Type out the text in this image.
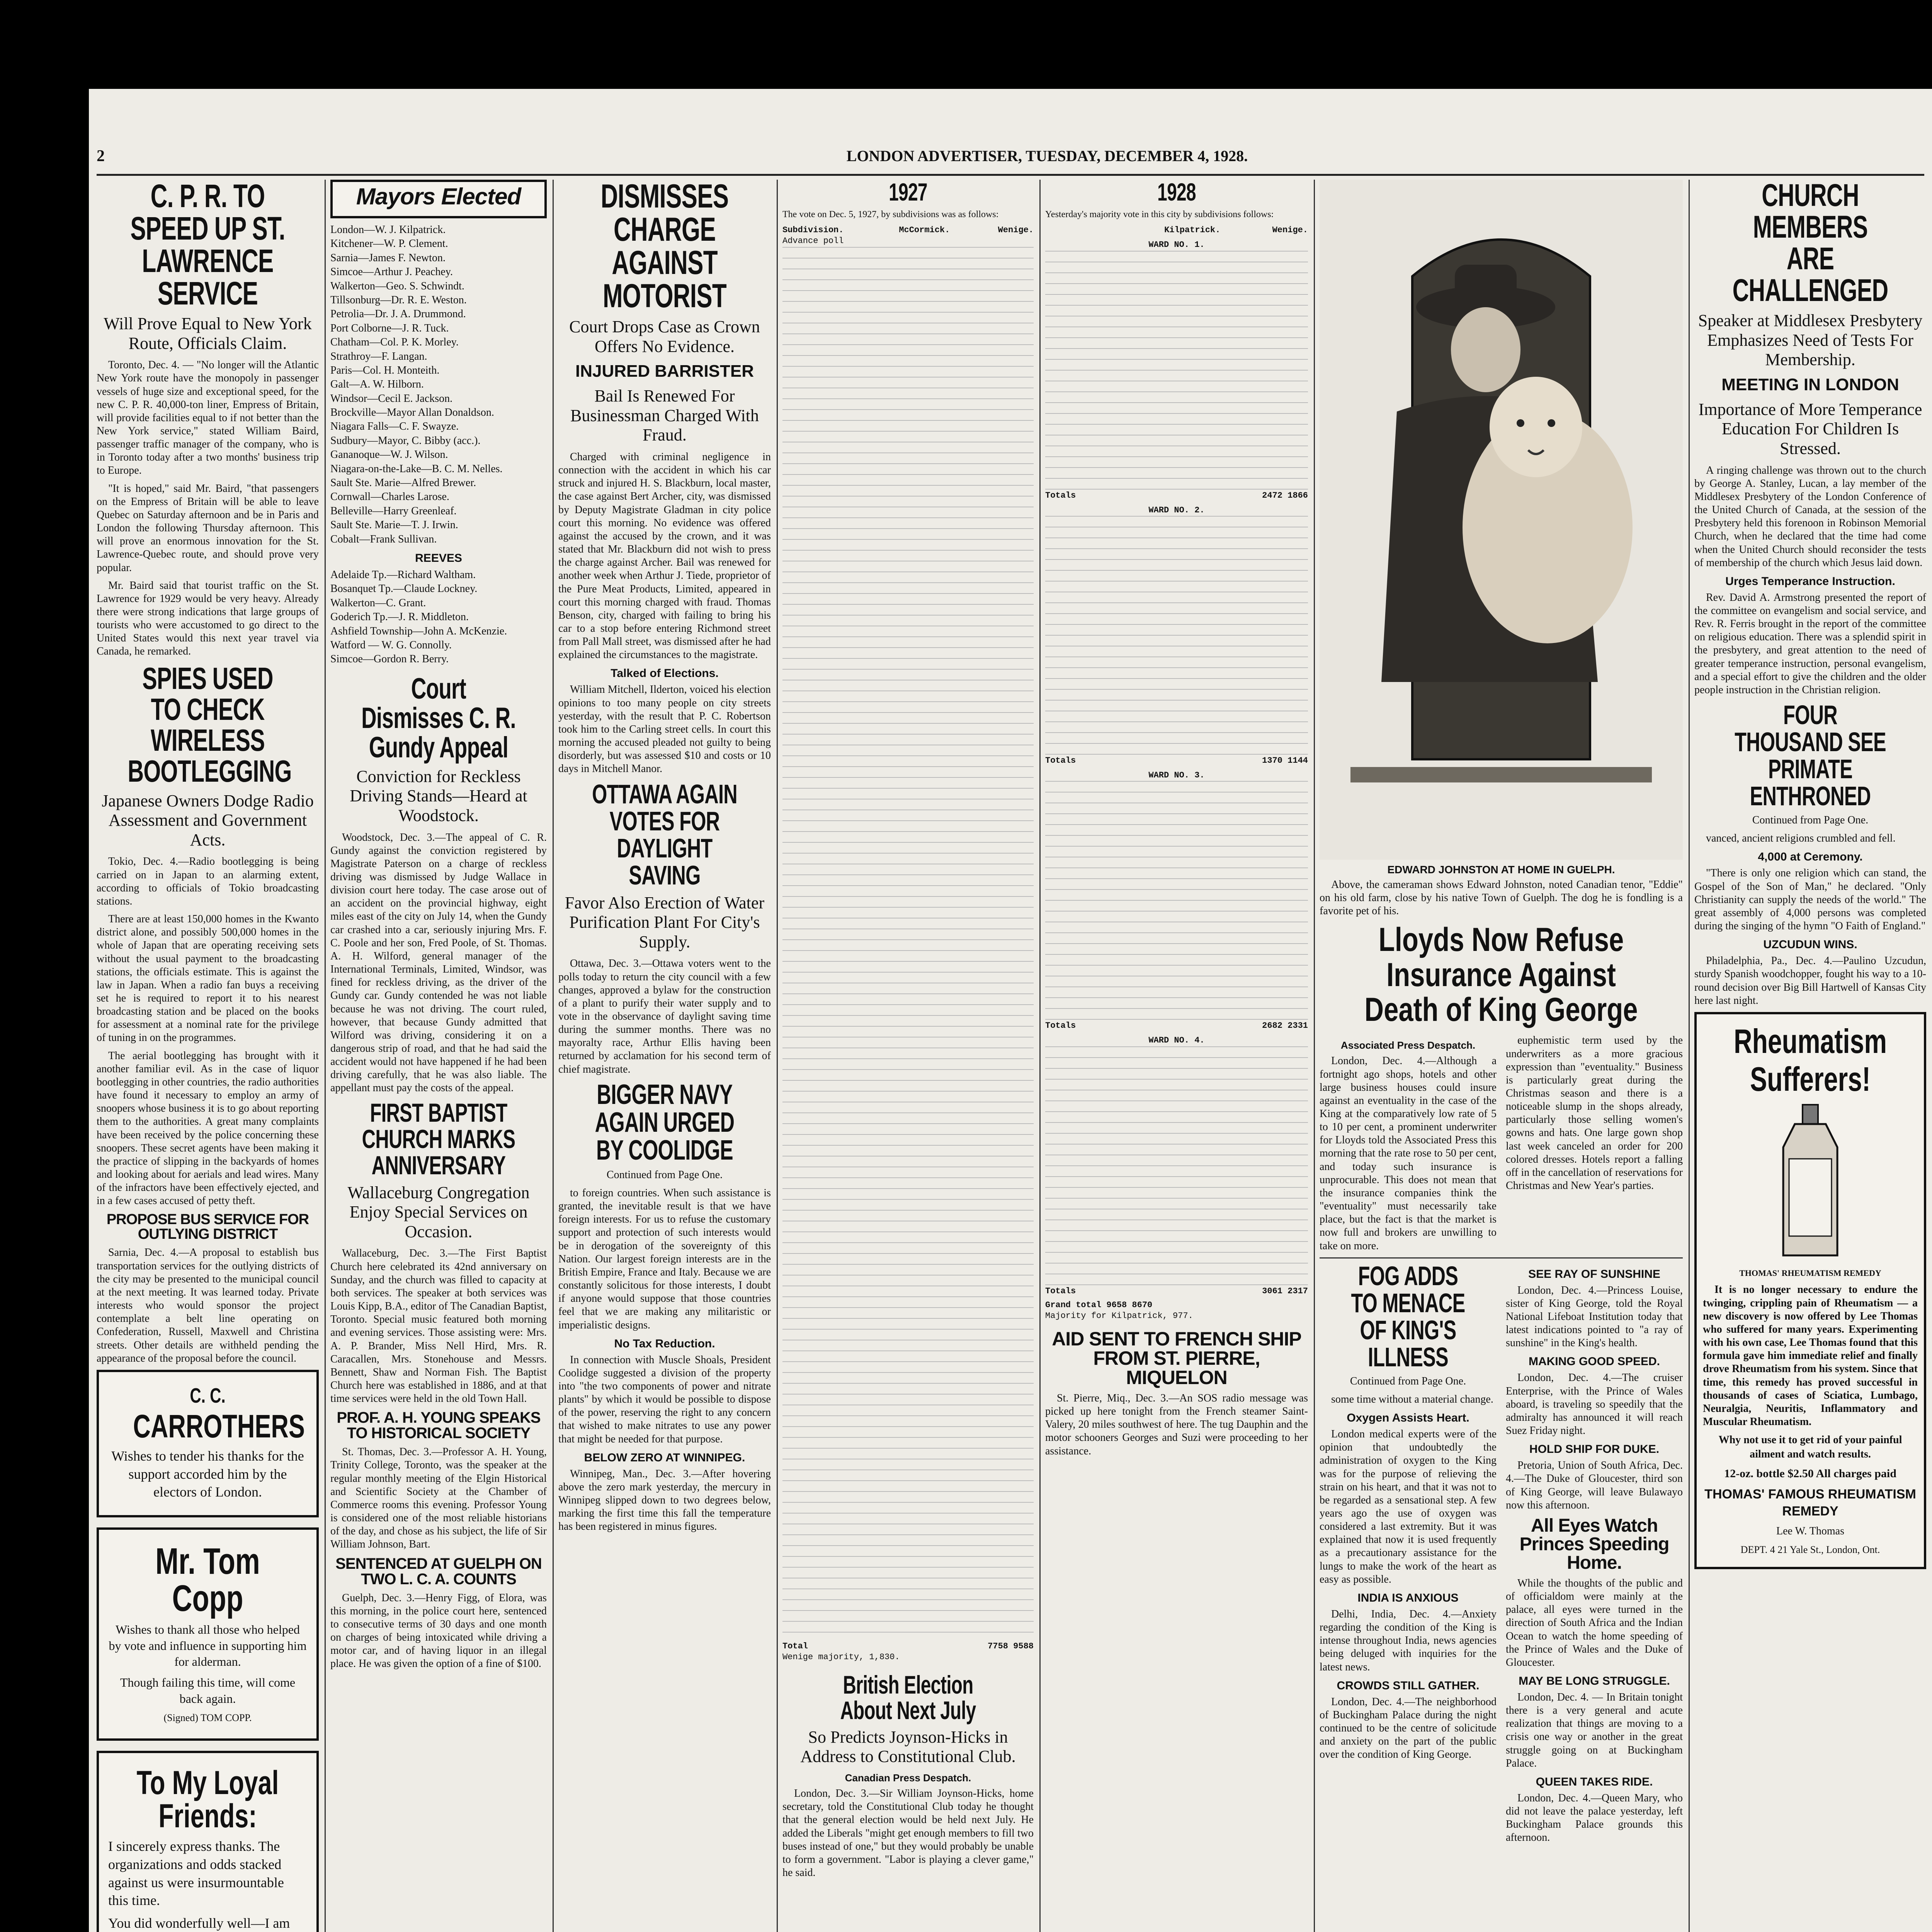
2	LONDON ADVERTISER, TUESDAY, DECEMBER 4, 1928.
C. P. R. TO SPEED UP ST. LAWRENCE SERVICE
Will Prove Equal to New York Route, Officials Claim.

Toronto, Dec. 4. — "No longer will the Atlantic New York route have the monopoly in passenger vessels of huge size and exceptional speed, for the new C. P. R. 40,000-ton liner, Empress of Britain, will provide facilities equal to if not better than the New York service," stated William Baird, passenger traffic manager of the company, who is in Toronto today after a two months' business trip to Europe.

"It is hoped," said Mr. Baird, "that passengers on the Empress of Britain will be able to leave Quebec on Saturday afternoon and be in Paris and London the following Thursday afternoon. This will prove an enormous innovation for the St. Lawrence-Quebec route, and should prove very popular.

Mr. Baird said that tourist traffic on the St. Lawrence for 1929 would be very heavy. Already there were strong indications that large groups of tourists who were accustomed to go direct to the United States would this next year travel via Canada, he remarked.

SPIES USED TO CHECK WIRELESS BOOTLEGGING
Japanese Owners Dodge Radio Assessment and Government Acts.

Tokio, Dec. 4.—Radio bootlegging is being carried on in Japan to an alarming extent, according to officials of Tokio broadcasting stations.

There are at least 150,000 homes in the Kwanto district alone, and possibly 500,000 homes in the whole of Japan that are operating receiving sets without the usual payment to the broadcasting stations, the officials estimate. This is against the law in Japan. When a radio fan buys a receiving set he is required to report it to his nearest broadcasting station and be placed on the books for assessment at a nominal rate for the privilege of tuning in on the programmes.

The aerial bootlegging has brought with it another familiar evil. As in the case of liquor bootlegging in other countries, the radio authorities have found it necessary to employ an army of snoopers whose business it is to go about reporting them to the authorities. A great many complaints have been received by the police concerning these snoopers. These secret agents have been making it the practice of slipping in the backyards of homes and looking about for aerials and lead wires. Many of the infractors have been effectively ejected, and in a few cases accused of petty theft.

PROPOSE BUS SERVICE FOR OUTLYING DISTRICT

Sarnia, Dec. 4.—A proposal to establish bus transportation services for the outlying districts of the city may be presented to the municipal council at the next meeting. It was learned today. Private interests who would sponsor the project contemplate a belt line operating on Confederation, Russell, Maxwell and Christina streets. Other details are withheld pending the appearance of the proposal before the council.

C. C.
CARROTHERS
Wishes to tender his thanks for the support accorded him by the electors of London.
Mr. Tom Copp
Wishes to thank all those who helped by vote and influence in supporting him for alderman.
Though failing this time, will come back again.
(Signed) TOM COPP.
To My Loyal Friends:
I sincerely express thanks. The organizations and odds stacked against us were insurmountable this time.
You did wonderfully well—I am
Mayors Elected
London—W. J. Kilpatrick.
Kitchener—W. P. Clement.
Sarnia—James F. Newton.
Simcoe—Arthur J. Peachey.
Walkerton—Geo. S. Schwindt.
Tillsonburg—Dr. R. E. Weston.
Petrolia—Dr. J. A. Drummond.
Port Colborne—J. R. Tuck.
Chatham—Col. P. K. Morley.
Strathroy—F. Langan.
Paris—Col. H. Monteith.
Galt—A. W. Hilborn.
Windsor—Cecil E. Jackson.
Brockville—Mayor Allan Donaldson.
Niagara Falls—C. F. Swayze.
Sudbury—Mayor, C. Bibby (acc.).
Gananoque—W. J. Wilson.
Niagara-on-the-Lake—B. C. M. Nelles.
Sault Ste. Marie—Alfred Brewer.
Cornwall—Charles Larose.
Belleville—Harry Greenleaf.
Sault Ste. Marie—T. J. Irwin.
Cobalt—Frank Sullivan.
REEVES
Adelaide Tp.—Richard Waltham.
Bosanquet Tp.—Claude Lockney.
Walkerton—C. Grant.
Goderich Tp.—J. R. Middleton.
Ashfield Township—John A. McKenzie.
Watford — W. G. Connolly.
Simcoe—Gordon R. Berry.
Court Dismisses C. R. Gundy Appeal
Conviction for Reckless Driving Stands—Heard at Woodstock.

Woodstock, Dec. 3.—The appeal of C. R. Gundy against the conviction registered by Magistrate Paterson on a charge of reckless driving was dismissed by Judge Wallace in division court here today. The case arose out of an accident on the provincial highway, eight miles east of the city on July 14, when the Gundy car crashed into a car, seriously injuring Mrs. F. C. Poole and her son, Fred Poole, of St. Thomas. A. H. Wilford, general manager of the International Terminals, Limited, Windsor, was fined for reckless driving, as the driver of the Gundy car. Gundy contended he was not liable because he was not driving. The court ruled, however, that because Gundy admitted that Wilford was driving, considering it on a dangerous strip of road, and that he had said the accident would not have happened if he had been driving carefully, that he was also liable. The appellant must pay the costs of the appeal.

FIRST BAPTIST CHURCH MARKS ANNIVERSARY
Wallaceburg Congregation Enjoy Special Services on Occasion.

Wallaceburg, Dec. 3.—The First Baptist Church here celebrated its 42nd anniversary on Sunday, and the church was filled to capacity at both services. The speaker at both services was Louis Kipp, B.A., editor of The Canadian Baptist, Toronto. Special music featured both morning and evening services. Those assisting were: Mrs. A. P. Brander, Miss Nell Hird, Mrs. R. Caracallen, Mrs. Stonehouse and Messrs. Bennett, Shaw and Norman Fish. The Baptist Church here was established in 1886, and at that time services were held in the old Town Hall.

PROF. A. H. YOUNG SPEAKS TO HISTORICAL SOCIETY

St. Thomas, Dec. 3.—Professor A. H. Young, Trinity College, Toronto, was the speaker at the regular monthly meeting of the Elgin Historical and Scientific Society at the Chamber of Commerce rooms this evening. Professor Young is considered one of the most reliable historians of the day, and chose as his subject, the life of Sir William Johnson, Bart.

SENTENCED AT GUELPH ON TWO L. C. A. COUNTS

Guelph, Dec. 3.—Henry Figg, of Elora, was this morning, in the police court here, sentenced to consecutive terms of 30 days and one month on charges of being intoxicated while driving a motor car, and of having liquor in an illegal place. He was given the option of a fine of $100.

DISMISSES CHARGE AGAINST MOTORIST
Court Drops Case as Crown Offers No Evidence.
INJURED BARRISTER
Bail Is Renewed For Businessman Charged With Fraud.

Charged with criminal negligence in connection with the accident in which his car struck and injured H. S. Blackburn, local master, the case against Bert Archer, city, was dismissed by Deputy Magistrate Gladman in city police court this morning. No evidence was offered against the accused by the crown, and it was stated that Mr. Blackburn did not wish to press the charge against Archer. Bail was renewed for another week when Arthur J. Tiede, proprietor of the Pure Meat Products, Limited, appeared in court this morning charged with fraud. Thomas Benson, city, charged with failing to bring his car to a stop before entering Richmond street from Pall Mall street, was dismissed after he had explained the circumstances to the magistrate.

Talked of Elections.

William Mitchell, Ilderton, voiced his election opinions to too many people on city streets yesterday, with the result that P. C. Robertson took him to the Carling street cells. In court this morning the accused pleaded not guilty to being disorderly, but was assessed $10 and costs or 10 days in Mitchell Manor.

OTTAWA AGAIN VOTES FOR DAYLIGHT SAVING
Favor Also Erection of Water Purification Plant For City's Supply.

Ottawa, Dec. 3.—Ottawa voters went to the polls today to return the city council with a few changes, approved a bylaw for the construction of a plant to purify their water supply and to vote in the observance of daylight saving time during the summer months. There was no mayoralty race, Arthur Ellis having been returned by acclamation for his second term of chief magistrate.

BIGGER NAVY AGAIN URGED BY COOLIDGE
Continued from Page One.

to foreign countries. When such assistance is granted, the inevitable result is that we have foreign interests. For us to refuse the customary support and protection of such interests would be in derogation of the sovereignty of this Nation. Our largest foreign interests are in the British Empire, France and Italy. Because we are constantly solicitous for those interests, I doubt if anyone would suppose that those countries feel that we are making any militaristic or imperialistic designs.

No Tax Reduction.

In connection with Muscle Shoals, President Coolidge suggested a division of the property into "the two components of power and nitrate plants" by which it would be possible to dispose of the power, reserving the right to any concern that wished to make nitrates to use any power that might be needed for that purpose.

BELOW ZERO AT WINNIPEG.

Winnipeg, Man., Dec. 3.—After hovering above the zero mark yesterday, the mercury in Winnipeg slipped down to two degrees below, marking the first time this fall the temperature has been registered in minus figures.

1927

The vote on Dec. 5, 1927, by subdivisions was as follows:

Subdivision.	McCormick.	Wenige.
Advance poll
Total	7758 9588
Wenige majority, 1,830.
British Election About Next July
So Predicts Joynson-Hicks in Address to Constitutional Club.
Canadian Press Despatch.

London, Dec. 3.—Sir William Joynson-Hicks, home secretary, told the Constitutional Club today he thought that the general election would be held next July. He added the Liberals "might get enough members to fill two buses instead of one," but they would probably be unable to form a government. "Labor is playing a clever game," he said.

1928

Yesterday's majority vote in this city by subdivisions follows:

Kilpatrick.	Wenige.
WARD NO. 1.
Totals	2472 1866
WARD NO. 2.
Totals	1370 1144
WARD NO. 3.
Totals	2682 2331
WARD NO. 4.
Totals	3061 2317
Grand total 9658 8670
Majority for Kilpatrick, 977.
AID SENT TO FRENCH SHIP FROM ST. PIERRE, MIQUELON

St. Pierre, Miq., Dec. 3.—An SOS radio message was picked up here tonight from the French steamer Saint-Valery, 20 miles southwest of here. The tug Dauphin and the motor schooners Georges and Suzi were proceeding to her assistance.

EDWARD JOHNSTON AT HOME IN GUELPH.

Above, the cameraman shows Edward Johnston, noted Canadian tenor, "Eddie" on his old farm, close by his native Town of Guelph. The dog he is fondling is a favorite pet of his.

Lloyds Now Refuse Insurance Against Death of King George
Associated Press Despatch.

London, Dec. 4.—Although a fortnight ago shops, hotels and other large business houses could insure against an eventuality in the case of the King at the comparatively low rate of 5 to 10 per cent, a prominent underwriter for Lloyds told the Associated Press this morning that the rate rose to 50 per cent, and today such insurance is unprocurable. This does not mean that the insurance companies think the "eventuality" must necessarily take place, but the fact is that the market is now full and brokers are unwilling to take on more.

euphemistic term used by the underwriters as a more gracious expression than "eventuality." Business is particularly great during the Christmas season and there is a noticeable slump in the shops already, particularly those selling women's gowns and hats. One large gown shop last week canceled an order for 200 colored dresses. Hotels report a falling off in the cancellation of reservations for Christmas and New Year's parties.

FOG ADDS TO MENACE OF KING'S ILLNESS
Continued from Page One.

some time without a material change.

Oxygen Assists Heart.

London medical experts were of the opinion that undoubtedly the administration of oxygen to the King was for the purpose of relieving the strain on his heart, and that it was not to be regarded as a sensational step. A few years ago the use of oxygen was considered a last extremity. But it was explained that now it is used frequently as a precautionary assistance for the lungs to make the work of the heart as easy as possible.

INDIA IS ANXIOUS

Delhi, India, Dec. 4.—Anxiety regarding the condition of the King is intense throughout India, news agencies being deluged with inquiries for the latest news.

CROWDS STILL GATHER.

London, Dec. 4.—The neighborhood of Buckingham Palace during the night continued to be the centre of solicitude and anxiety on the part of the public over the condition of King George.

SEE RAY OF SUNSHINE

London, Dec. 4.—Princess Louise, sister of King George, told the Royal National Lifeboat Institution today that latest indications pointed to "a ray of sunshine" in the King's health.

MAKING GOOD SPEED.

London, Dec. 4.—The cruiser Enterprise, with the Prince of Wales aboard, is traveling so speedily that the admiralty has announced it will reach Suez Friday night.

HOLD SHIP FOR DUKE.

Pretoria, Union of South Africa, Dec. 4.—The Duke of Gloucester, third son of King George, will leave Bulawayo now this afternoon.

All Eyes Watch Princes Speeding Home.

While the thoughts of the public and of officialdom were mainly at the palace, all eyes were turned in the direction of South Africa and the Indian Ocean to watch the home speeding of the Prince of Wales and the Duke of Gloucester.

MAY BE LONG STRUGGLE.

London, Dec. 4. — In Britain tonight there is a very general and acute realization that things are moving to a crisis one way or another in the great struggle going on at Buckingham Palace.

QUEEN TAKES RIDE.

London, Dec. 4.—Queen Mary, who did not leave the palace yesterday, left Buckingham Palace grounds this afternoon.

CHURCH MEMBERS ARE CHALLENGED
Speaker at Middlesex Presbytery Emphasizes Need of Tests For Membership.
MEETING IN LONDON
Importance of More Temperance Education For Children Is Stressed.

A ringing challenge was thrown out to the church by George A. Stanley, Lucan, a lay member of the Middlesex Presbytery of the London Conference of the United Church of Canada, at the session of the Presbytery held this forenoon in Robinson Memorial Church, when he declared that the time had come when the United Church should reconsider the tests of membership of the church which Jesus laid down.

Urges Temperance Instruction.

Rev. David A. Armstrong presented the report of the committee on evangelism and social service, and Rev. R. Ferris brought in the report of the committee on religious education. There was a splendid spirit in the presbytery, and great attention to the need of greater temperance instruction, personal evangelism, and a special effort to give the children and the older people instruction in the Christian religion.

FOUR THOUSAND SEE PRIMATE ENTHRONED
Continued from Page One.

vanced, ancient religions crumbled and fell.

4,000 at Ceremony.

"There is only one religion which can stand, the Gospel of the Son of Man," he declared. "Only Christianity can supply the needs of the world." The great assembly of 4,000 persons was completed during the singing of the hymn "O Faith of England."

UZCUDUN WINS.

Philadelphia, Pa., Dec. 4.—Paulino Uzcudun, sturdy Spanish woodchopper, fought his way to a 10-round decision over Big Bill Hartwell of Kansas City here last night.

Rheumatism
Sufferers!
THOMAS' RHEUMATISM REMEDY

It is no longer necessary to endure the twinging, crippling pain of Rheumatism — a new discovery is now offered by Lee Thomas who suffered for many years. Experimenting with his own case, Lee Thomas found that this formula gave him immediate relief and finally drove Rheumatism from his system. Since that time, this remedy has proved successful in thousands of cases of Sciatica, Lumbago, Neuralgia, Neuritis, Inflammatory and Muscular Rheumatism.

Why not use it to get rid of your painful ailment and watch results.
12-oz. bottle $2.50 All charges paid
THOMAS' FAMOUS RHEUMATISM REMEDY
Lee W. Thomas
DEPT. 4 21 Yale St., London, Ont.
